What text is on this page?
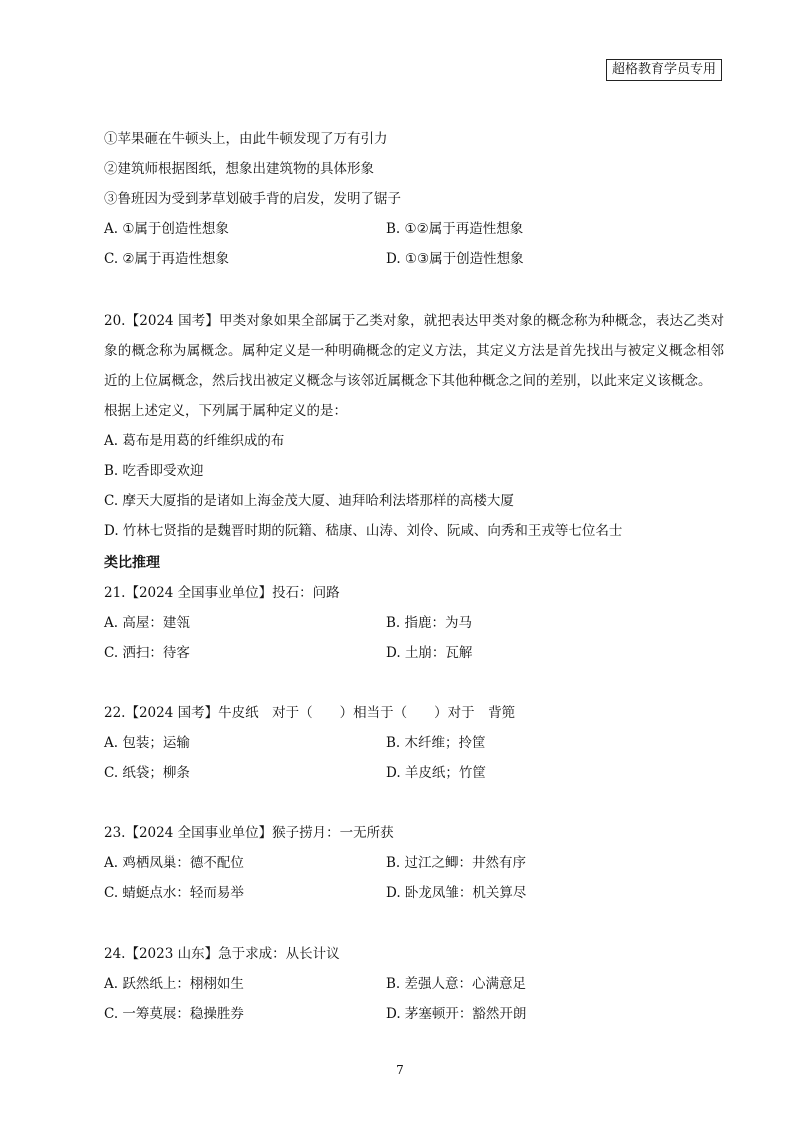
超格教育学员专用
①苹果砸在牛顿头上，由此牛顿发现了万有引力
②建筑师根据图纸，想象出建筑物的具体形象
③鲁班因为受到茅草划破手背的启发，发明了锯子
A. ①属于创造性想象	B. ①②属于再造性想象
C. ②属于再造性想象	D. ①③属于创造性想象
20.【2024 国考】甲类对象如果全部属于乙类对象，就把表达甲类对象的概念称为种概念，表达乙类对象的概念称为属概念。属种定义是一种明确概念的定义方法，其定义方法是首先找出与被定义概念相邻近的上位属概念，然后找出被定义概念与该邻近属概念下其他种概念之间的差别，以此来定义该概念。
根据上述定义，下列属于属种定义的是：
A. 葛布是用葛的纤维织成的布
B. 吃香即受欢迎
C. 摩天大厦指的是诸如上海金茂大厦、迪拜哈利法塔那样的高楼大厦
D. 竹林七贤指的是魏晋时期的阮籍、嵇康、山涛、刘伶、阮咸、向秀和王戎等七位名士
类比推理
21.【2024 全国事业单位】投石：问路
A. 高屋：建瓴	B. 指鹿：为马
C. 洒扫：待客	D. 土崩：瓦解
22.【2024 国考】牛皮纸　对于（　　）相当于（　　）对于　背篼
A. 包装；运输	B. 木纤维；拎筐
C. 纸袋；柳条	D. 羊皮纸；竹筐
23.【2024 全国事业单位】猴子捞月：一无所获
A. 鸡栖凤巢：德不配位	B. 过江之鲫：井然有序
C. 蜻蜓点水：轻而易举	D. 卧龙凤雏：机关算尽
24.【2023 山东】急于求成：从长计议
A. 跃然纸上：栩栩如生	B. 差强人意：心满意足
C. 一筹莫展：稳操胜券	D. 茅塞顿开：豁然开朗
7
